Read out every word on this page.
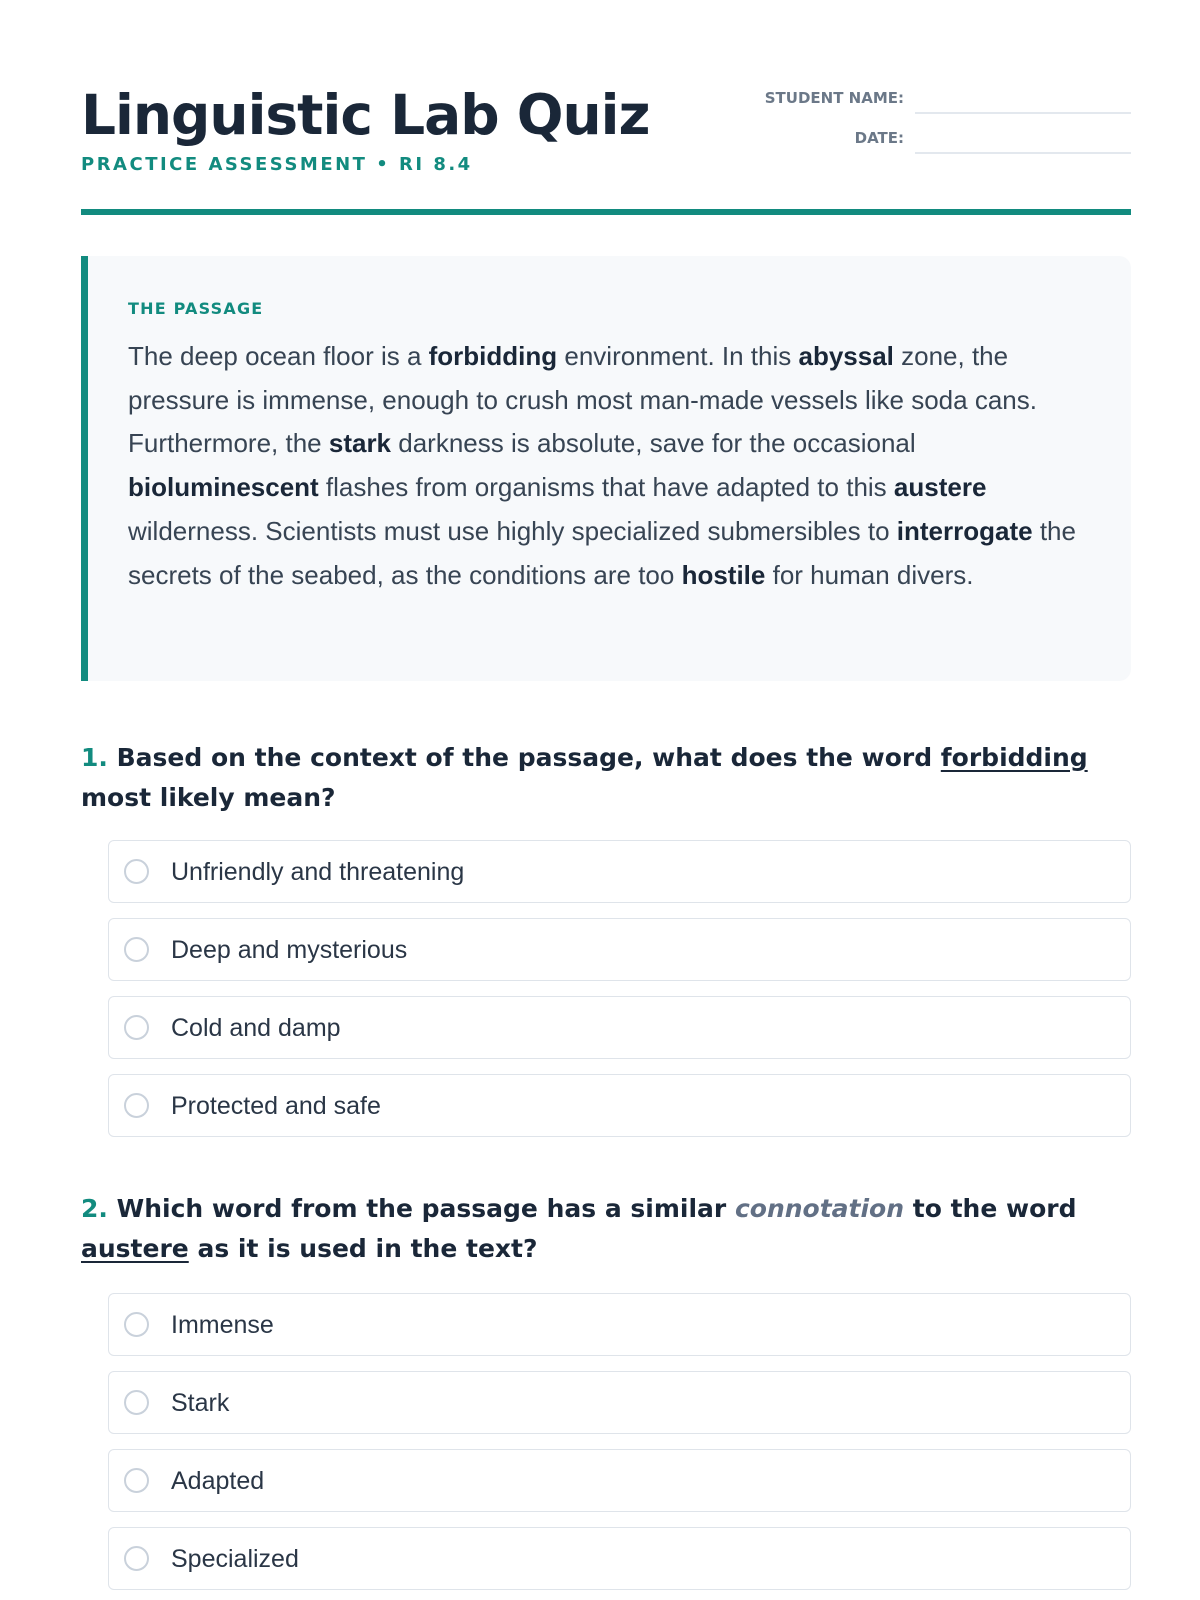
Linguistic Lab Quiz
PRACTICE ASSESSMENT • RI 8.4
STUDENT NAME:
DATE:
THE PASSAGE

The deep ocean floor is a forbidding environment. In this abyssal zone, the pressure is immense, enough to crush most man-made vessels like soda cans. Furthermore, the stark darkness is absolute, save for the occasional bioluminescent flashes from organisms that have adapted to this austere wilderness. Scientists must use highly specialized submersibles to interrogate the secrets of the seabed, as the conditions are too hostile for human divers.

1. Based on the context of the passage, what does the word forbidding most likely mean?
Unfriendly and threatening
Deep and mysterious
Cold and damp
Protected and safe
2. Which word from the passage has a similar connotation to the word austere as it is used in the text?
Immense
Stark
Adapted
Specialized
